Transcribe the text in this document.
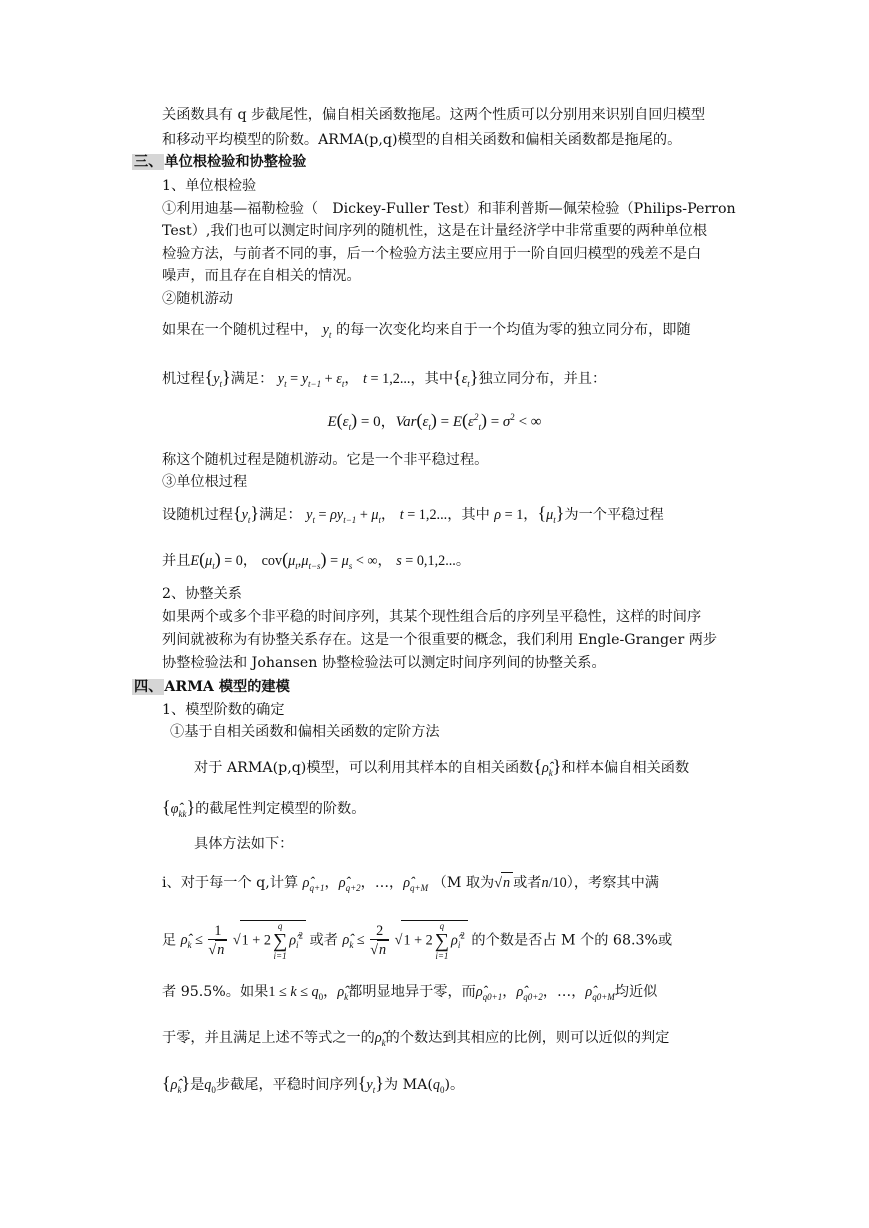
关函数具有 q 步截尾性，偏自相关函数拖尾。这两个性质可以分别用来识别自回归模型
和移动平均模型的阶数。ARMA(p,q)模型的自相关函数和偏相关函数都是拖尾的。
三、 单位根检验和协整检验
1、单位根检验
①利用迪基—福勒检验（　Dickey-Fuller Test）和菲利普斯—佩荣检验（Philips-Perron
Test）,我们也可以测定时间序列的随机性，这是在计量经济学中非常重要的两种单位根
检验方法，与前者不同的事，后一个检验方法主要应用于一阶自回归模型的残差不是白
噪声，而且存在自相关的情况。
②随机游动
如果在一个随机过程中， $y_t$ 的每一次变化均来自于一个均值为零的独立同分布，即随
机过程$\{y_t\}$满足： $y_t = y_{t-1} + \varepsilon_t$， t = 1,2...，其中$\{\varepsilon_t\}$独立同分布，并且：
$E(\varepsilon_t) = 0$，$Var(\varepsilon_t) = E(\varepsilon^2_t) = \sigma^2$ < ∞
称这个随机过程是随机游动。它是一个非平稳过程。
③单位根过程
设随机过程$\{y_t\}$满足： $y_t = \rho y_{t-1} + \mu_t$， t = 1,2...，其中 ρ = 1，$\{\mu_t\}$为一个平稳过程
并且$E(\mu_t) = 0$， $cov(\mu_t,\mu_{t-s}) = \mu_s$ < ∞， s = 0,1,2...。
2、协整关系
如果两个或多个非平稳的时间序列，其某个现性组合后的序列呈平稳性，这样的时间序
列间就被称为有协整关系存在。这是一个很重要的概念，我们利用 Engle-Granger 两步
协整检验法和 Johansen 协整检验法可以测定时间序列间的协整关系。
四、 ARMA 模型的建模
1、模型阶数的确定
①基于自相关函数和偏相关函数的定阶方法
对于 ARMA(p,q)模型，可以利用其样本的自相关函数$\{\rhô_k\}$和样本偏自相关函数
$\{\varphî_{kk}\}$的截尾性判定模型的阶数。
具体方法如下：
i、对于每一个 q,计算 $\rhô_{q+1}$，$\rhô_{q+2}$，…，$\rhô_{q+M}$ （M 取为√n 或者n/10），考察其中满
足 $\rhô_k \le \frac{1}{√n} √1 + 2$
q
∑
i=1
$\rhô_i^2$ 或者 $\rhô_k \le \frac{2}{√n} √1 + 2$
q
∑
i=1
$\rhô_i^2$ 的个数是否占 M 个的 68.3%或
者 95.5%。如果$1 \le k \le q_0$，$\rhô_k$都明显地异于零，而$\rhô_{q0+1}$，$\rhô_{q0+2}$，…，$\rhô_{q0+M}$均近似
于零，并且满足上述不等式之一的$\rhô_k$的个数达到其相应的比例，则可以近似的判定
$\{\rhô_k\}$是$q_0$步截尾，平稳时间序列$\{y_t\}$为 $MA(q_0)$。
